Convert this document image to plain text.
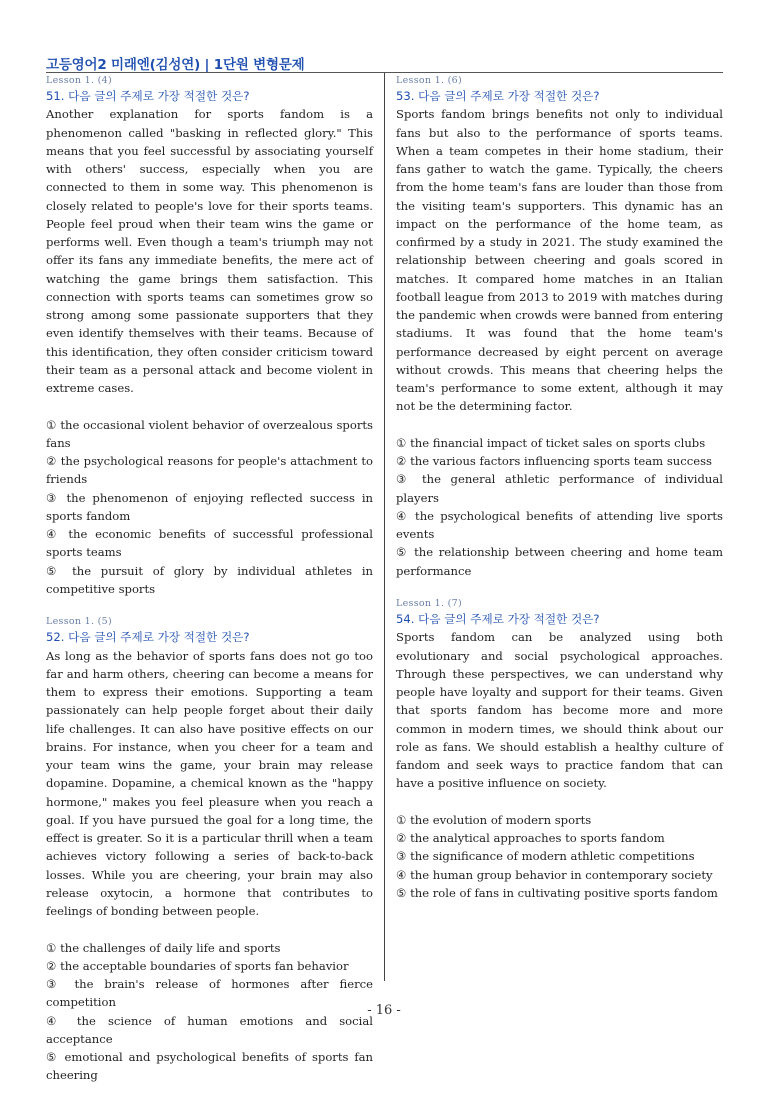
고등영어2 미래엔(김성연) | 1단원 변형문제
Lesson 1. (4)
51. 다음 글의 주제로 가장 적절한 것은?
Another explanation for sports fandom is a phenomenon called "basking in reflected glory." This means that you feel successful by associating yourself with others' success, especially when you are connected to them in some way. This phenomenon is closely related to people's love for their sports teams. People feel proud when their team wins the game or performs well. Even though a team's triumph may not offer its fans any immediate benefits, the mere act of watching the game brings them satisfaction. This connection with sports teams can sometimes grow so strong among some passionate supporters that they even identify themselves with their teams. Because of this identification, they often consider criticism toward their team as a personal attack and become violent in extreme cases.
① the occasional violent behavior of overzealous sports fans
② the psychological reasons for people's attachment to friends
③ the phenomenon of enjoying reflected success in sports fandom
④ the economic benefits of successful professional sports teams
⑤ the pursuit of glory by individual athletes in competitive sports
Lesson 1. (5)
52. 다음 글의 주제로 가장 적절한 것은?
As long as the behavior of sports fans does not go too far and harm others, cheering can become a means for them to express their emotions. Supporting a team passionately can help people forget about their daily life challenges. It can also have positive effects on our brains. For instance, when you cheer for a team and your team wins the game, your brain may release dopamine. Dopamine, a chemical known as the "happy hormone," makes you feel pleasure when you reach a goal. If you have pursued the goal for a long time, the effect is greater. So it is a particular thrill when a team achieves victory following a series of back-to-back losses. While you are cheering, your brain may also release oxytocin, a hormone that contributes to feelings of bonding between people.
① the challenges of daily life and sports
② the acceptable boundaries of sports fan behavior
③ the brain's release of hormones after fierce competition
④ the science of human emotions and social acceptance
⑤ emotional and psychological benefits of sports fan cheering
Lesson 1. (6)
53. 다음 글의 주제로 가장 적절한 것은?
Sports fandom brings benefits not only to individual fans but also to the performance of sports teams. When a team competes in their home stadium, their fans gather to watch the game. Typically, the cheers from the home team's fans are louder than those from the visiting team's supporters. This dynamic has an impact on the performance of the home team, as confirmed by a study in 2021. The study examined the relationship between cheering and goals scored in matches. It compared home matches in an Italian football league from 2013 to 2019 with matches during the pandemic when crowds were banned from entering stadiums. It was found that the home team's performance decreased by eight percent on average without crowds. This means that cheering helps the team's performance to some extent, although it may not be the determining factor.
① the financial impact of ticket sales on sports clubs
② the various factors influencing sports team success
③ the general athletic performance of individual players
④ the psychological benefits of attending live sports events
⑤ the relationship between cheering and home team performance
Lesson 1. (7)
54. 다음 글의 주제로 가장 적절한 것은?
Sports fandom can be analyzed using both evolutionary and social psychological approaches. Through these perspectives, we can understand why people have loyalty and support for their teams. Given that sports fandom has become more and more common in modern times, we should think about our role as fans. We should establish a healthy culture of fandom and seek ways to practice fandom that can have a positive influence on society.
① the evolution of modern sports
② the analytical approaches to sports fandom
③ the significance of modern athletic competitions
④ the human group behavior in contemporary society
⑤ the role of fans in cultivating positive sports fandom
- 16 -
